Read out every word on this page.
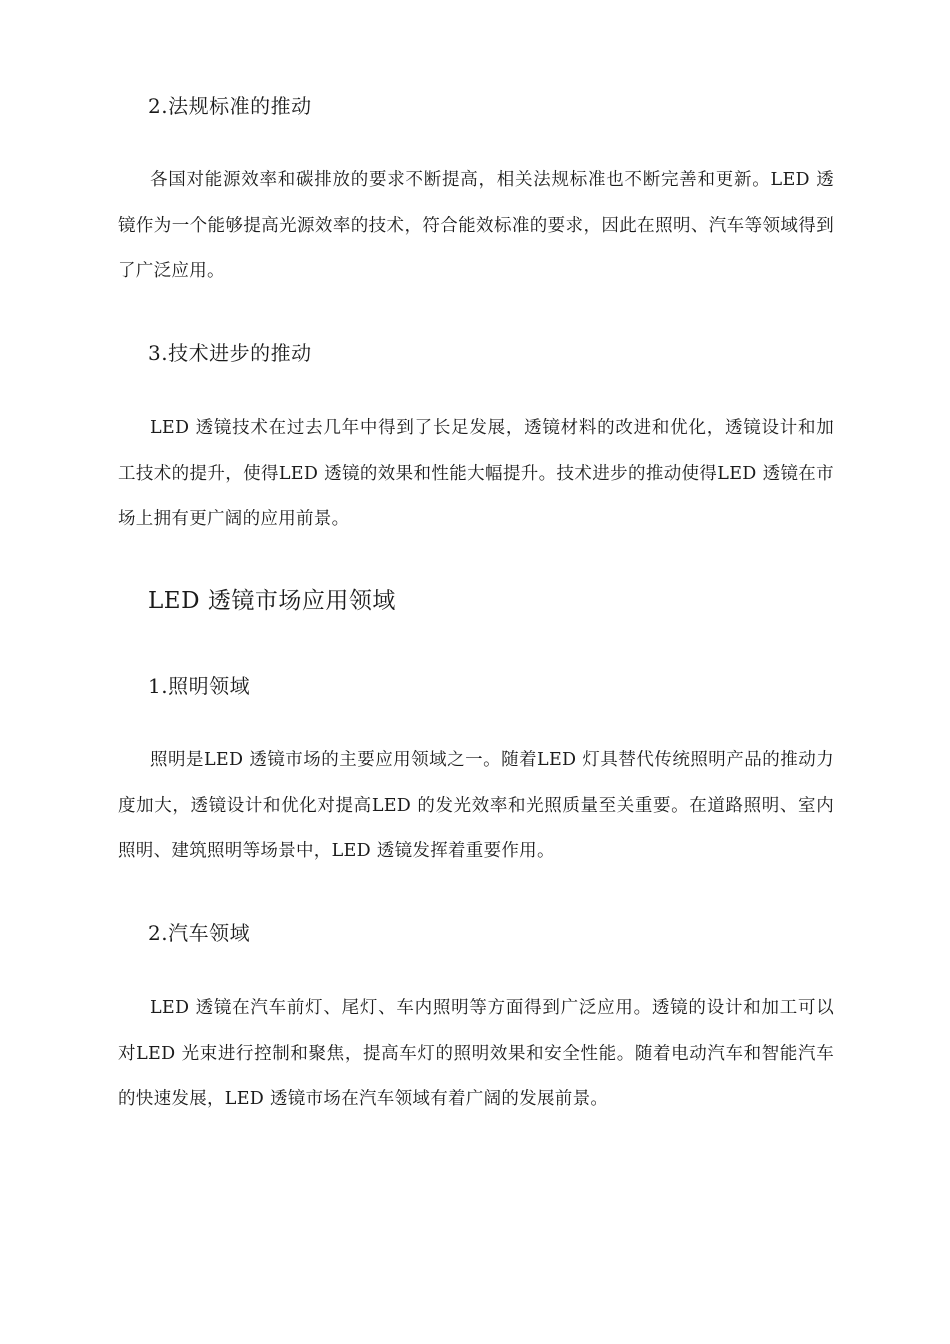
2.法规标准的推动
各国对能源效率和碳排放的要求不断提高，相关法规标准也不断完善和更新。LED 透镜作为一个能够提高光源效率的技术，符合能效标准的要求，因此在照明、汽车等领域得到了广泛应用。
3.技术进步的推动
LED 透镜技术在过去几年中得到了长足发展，透镜材料的改进和优化，透镜设计和加工技术的提升，使得LED 透镜的效果和性能大幅提升。技术进步的推动使得LED 透镜在市场上拥有更广阔的应用前景。
LED 透镜市场应用领域
1.照明领域
照明是LED 透镜市场的主要应用领域之一。随着LED 灯具替代传统照明产品的推动力度加大，透镜设计和优化对提高LED 的发光效率和光照质量至关重要。在道路照明、室内照明、建筑照明等场景中，LED 透镜发挥着重要作用。
2.汽车领域
LED 透镜在汽车前灯、尾灯、车内照明等方面得到广泛应用。透镜的设计和加工可以对LED 光束进行控制和聚焦，提高车灯的照明效果和安全性能。随着电动汽车和智能汽车的快速发展，LED 透镜市场在汽车领域有着广阔的发展前景。
